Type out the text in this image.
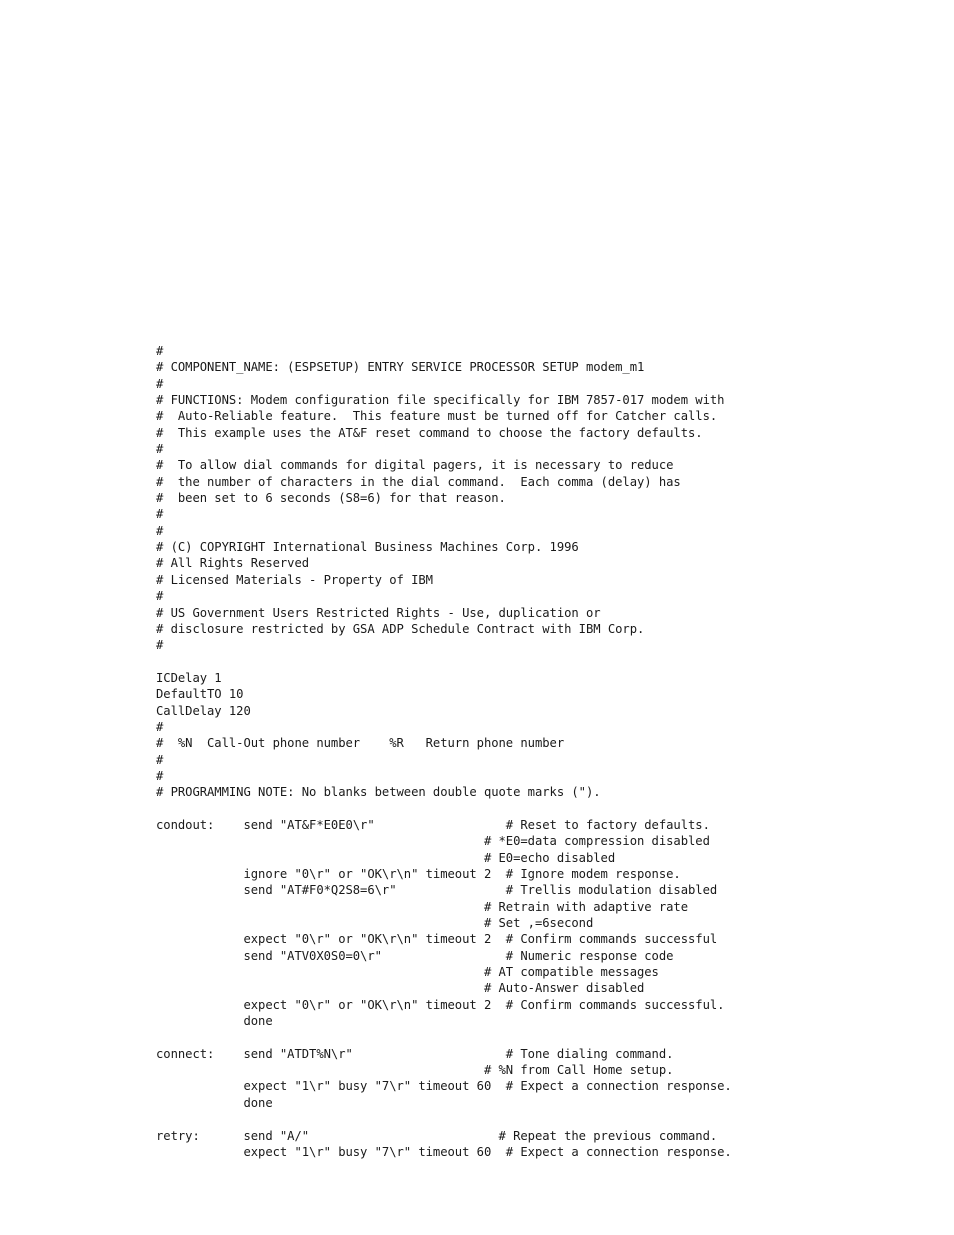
#
# COMPONENT_NAME: (ESPSETUP) ENTRY SERVICE PROCESSOR SETUP modem_m1
#
# FUNCTIONS: Modem configuration file specifically for IBM 7857-017 modem with
#  Auto-Reliable feature.  This feature must be turned off for Catcher calls.
#  This example uses the AT&F reset command to choose the factory defaults.
#
#  To allow dial commands for digital pagers, it is necessary to reduce
#  the number of characters in the dial command.  Each comma (delay) has
#  been set to 6 seconds (S8=6) for that reason.
#
#
# (C) COPYRIGHT International Business Machines Corp. 1996
# All Rights Reserved
# Licensed Materials - Property of IBM
#
# US Government Users Restricted Rights - Use, duplication or
# disclosure restricted by GSA ADP Schedule Contract with IBM Corp.
#
ICDelay 1
DefaultTO 10
CallDelay 120
#
#  %N  Call-Out phone number    %R   Return phone number
#
#
# PROGRAMMING NOTE: No blanks between double quote marks (").
condout:    send "AT&F*E0E0\r"                  # Reset to factory defaults.
# *E0=data compression disabled
# E0=echo disabled
ignore "0\r" or "OK\r\n" timeout 2  # Ignore modem response.
send "AT#F0*Q2S8=6\r"               # Trellis modulation disabled
# Retrain with adaptive rate
# Set ,=6second
expect "0\r" or "OK\r\n" timeout 2  # Confirm commands successful
send "ATV0X0S0=0\r"                 # Numeric response code
# AT compatible messages
# Auto-Answer disabled
expect "0\r" or "OK\r\n" timeout 2  # Confirm commands successful.
done
connect:    send "ATDT%N\r"                     # Tone dialing command.
# %N from Call Home setup.
expect "1\r" busy "7\r" timeout 60  # Expect a connection response.
done
retry:      send "A/"                          # Repeat the previous command.
expect "1\r" busy "7\r" timeout 60  # Expect a connection response.
